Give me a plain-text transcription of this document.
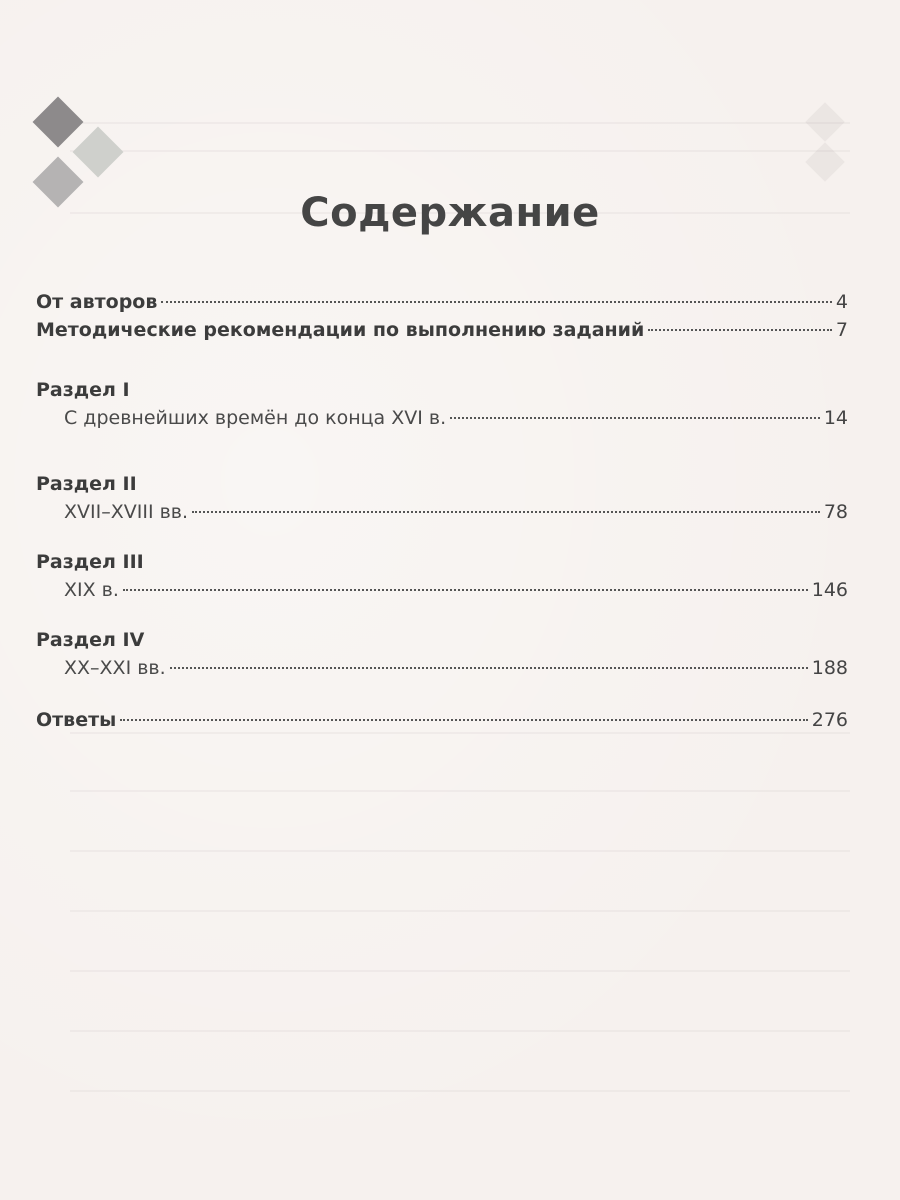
Содержание
От авторов	4
Методические рекомендации по выполнению заданий	7
Раздел I
С древнейших времён до конца XVI в.	14
Раздел II
XVII–XVIII вв.	78
Раздел III
XIX в.	146
Раздел IV
XX–XXI вв.	188
Ответы	276
